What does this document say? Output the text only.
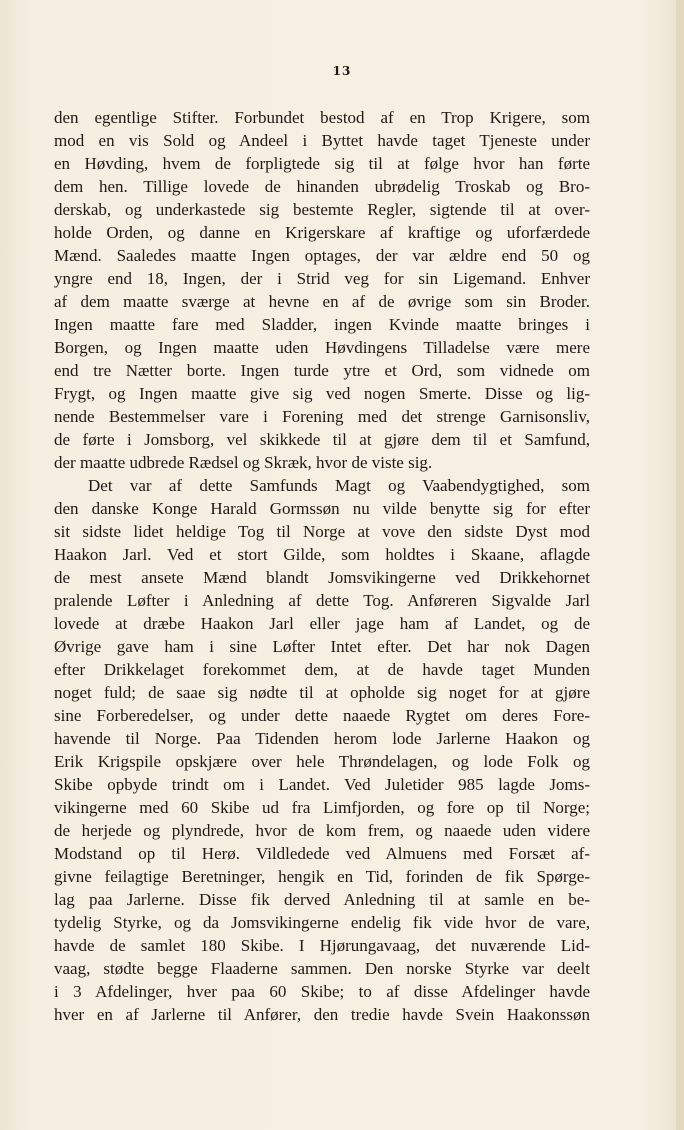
13
den egentlige Stifter. Forbundet bestod af en Trop Krigere, som
mod en vis Sold og Andeel i Byttet havde taget Tjeneste under
en Høvding, hvem de forpligtede sig til at følge hvor han førte
dem hen. Tillige lovede de hinanden ubrødelig Troskab og Bro-
derskab, og underkastede sig bestemte Regler, sigtende til at over-
holde Orden, og danne en Krigerskare af kraftige og uforfærdede
Mænd. Saaledes maatte Ingen optages, der var ældre end 50 og
yngre end 18, Ingen, der i Strid veg for sin Ligemand. Enhver
af dem maatte sværge at hevne en af de øvrige som sin Broder.
Ingen maatte fare med Sladder, ingen Kvinde maatte bringes i
Borgen, og Ingen maatte uden Høvdingens Tilladelse være mere
end tre Nætter borte. Ingen turde ytre et Ord, som vidnede om
Frygt, og Ingen maatte give sig ved nogen Smerte. Disse og lig-
nende Bestemmelser vare i Forening med det strenge Garnisonsliv,
de førte i Jomsborg, vel skikkede til at gjøre dem til et Samfund,
der maatte udbrede Rædsel og Skræk, hvor de viste sig.
Det var af dette Samfunds Magt og Vaabendygtighed, som
den danske Konge Harald Gormssøn nu vilde benytte sig for efter
sit sidste lidet heldige Tog til Norge at vove den sidste Dyst mod
Haakon Jarl. Ved et stort Gilde, som holdtes i Skaane, aflagde
de mest ansete Mænd blandt Jomsvikingerne ved Drikkehornet
pralende Løfter i Anledning af dette Tog. Anføreren Sigvalde Jarl
lovede at dræbe Haakon Jarl eller jage ham af Landet, og de
Øvrige gave ham i sine Løfter Intet efter. Det har nok Dagen
efter Drikkelaget forekommet dem, at de havde taget Munden
noget fuld; de saae sig nødte til at opholde sig noget for at gjøre
sine Forberedelser, og under dette naaede Rygtet om deres Fore-
havende til Norge. Paa Tidenden herom lode Jarlerne Haakon og
Erik Krigspile opskjære over hele Thrøndelagen, og lode Folk og
Skibe opbyde trindt om i Landet. Ved Juletider 985 lagde Joms-
vikingerne med 60 Skibe ud fra Limfjorden, og fore op til Norge;
de herjede og plyndrede, hvor de kom frem, og naaede uden videre
Modstand op til Herø. Vildledede ved Almuens med Forsæt af-
givne feilagtige Beretninger, hengik en Tid, forinden de fik Spørge-
lag paa Jarlerne. Disse fik derved Anledning til at samle en be-
tydelig Styrke, og da Jomsvikingerne endelig fik vide hvor de vare,
havde de samlet 180 Skibe. I Hjørungavaag, det nuværende Lid-
vaag, stødte begge Flaaderne sammen. Den norske Styrke var deelt
i 3 Afdelinger, hver paa 60 Skibe; to af disse Afdelinger havde
hver en af Jarlerne til Anfører, den tredie havde Svein Haakonssøn
